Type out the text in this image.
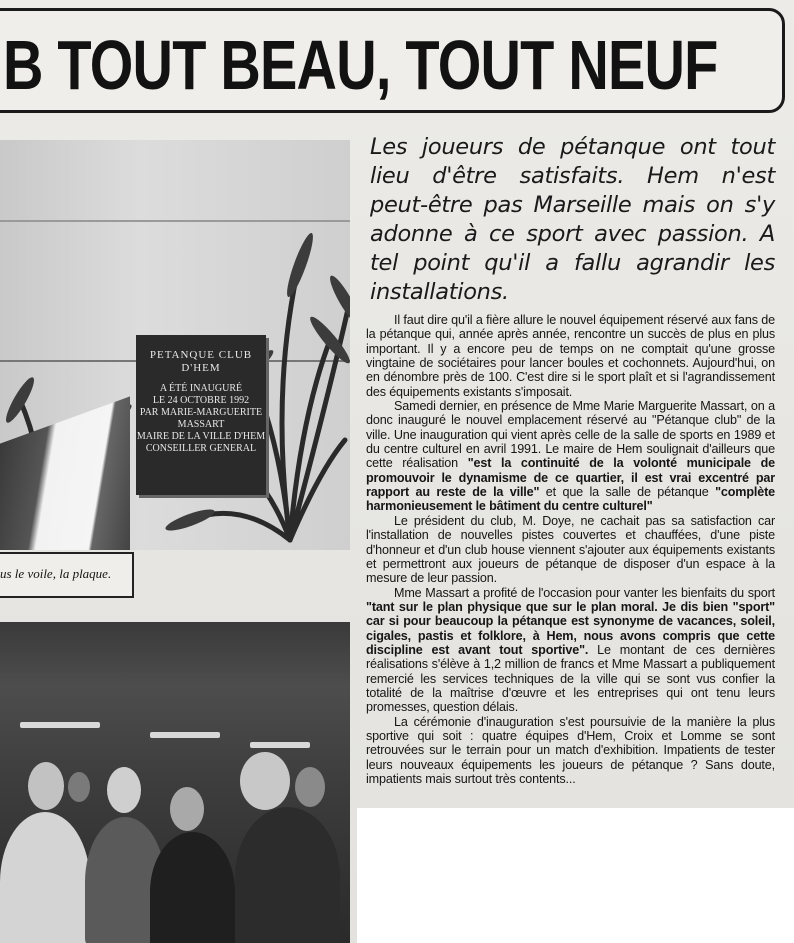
B TOUT BEAU, TOUT NEUF
PETANQUE CLUB
D'HEM
A ÉTÉ INAUGURÉ
LE 24 OCTOBRE 1992
PAR MARIE-MARGUERITE
MASSART
MAIRE DE LA VILLE D'HEM
CONSEILLER GENERAL
us le voile, la plaque.
Les joueurs de pétanque ont tout lieu d'être satisfaits. Hem n'est peut-être pas Marseille mais on s'y adonne à ce sport avec passion. A tel point qu'il a fallu agrandir les installations.

Il faut dire qu'il a fière allure le nouvel équipement réservé aux fans de la pétanque qui, année après année, rencontre un succès de plus en plus important. Il y a encore peu de temps on ne comptait qu'une grosse vingtaine de sociétaires pour lancer boules et cochonnets. Aujourd'hui, on en dénombre près de 100. C'est dire si le sport plaît et si l'agrandissement des équipements existants s'imposait.

Samedi dernier, en présence de Mme Marie Marguerite Massart, on a donc inauguré le nouvel emplacement réservé au "Pétanque club" de la ville. Une inauguration qui vient après celle de la salle de sports en 1989 et du centre culturel en avril 1991. Le maire de Hem soulignait d'ailleurs que cette réalisation "est la continuité de la volonté municipale de promouvoir le dynamisme de ce quartier, il est vrai excentré par rapport au reste de la ville" et que la salle de pétanque "complète harmonieusement le bâtiment du centre culturel"

Le président du club, M. Doye, ne cachait pas sa satisfaction car l'installation de nouvelles pistes couvertes et chauffées, d'une piste d'honneur et d'un club house viennent s'ajouter aux équipements existants et permettront aux joueurs de pétanque de disposer d'un espace à la mesure de leur passion.

Mme Massart a profité de l'occasion pour vanter les bienfaits du sport "tant sur le plan physique que sur le plan moral. Je dis bien "sport" car si pour beaucoup la pétanque est synonyme de vacances, soleil, cigales, pastis et folklore, à Hem, nous avons compris que cette discipline est avant tout sportive". Le montant de ces dernières réalisations s'élève à 1,2 million de francs et Mme Massart a publiquement remercié les services techniques de la ville qui se sont vus confier la totalité de la maîtrise d'œuvre et les entreprises qui ont tenu leurs promesses, question délais.

La cérémonie d'inauguration s'est poursuivie de la manière la plus sportive qui soit : quatre équipes d'Hem, Croix et Lomme se sont retrouvées sur le terrain pour un match d'exhibition. Impatients de tester leurs nouveaux équipements les joueurs de pétanque ? Sans doute, impatients mais surtout très contents...
